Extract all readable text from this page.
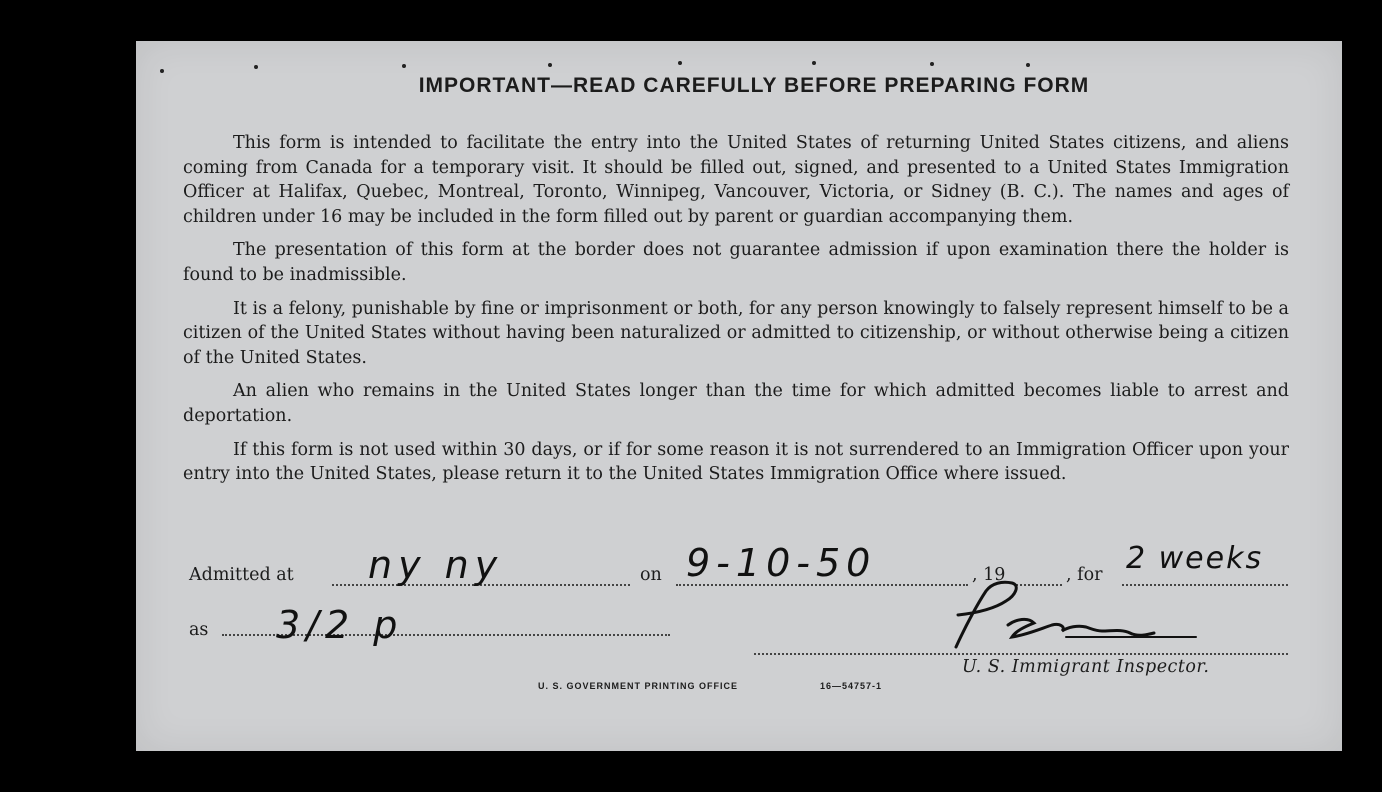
IMPORTANT—READ CAREFULLY BEFORE PREPARING FORM

This form is intended to facilitate the entry into the United States of returning United States citizens, and aliens coming from Canada for a temporary visit. It should be filled out, signed, and presented to a United States Immigration Officer at Halifax, Quebec, Montreal, Toronto, Winnipeg, Vancouver, Victoria, or Sidney (B. C.). The names and ages of children under 16 may be included in the form filled out by parent or guardian accompanying them.

The presentation of this form at the border does not guarantee admission if upon examination there the holder is found to be inadmissible.

It is a felony, punishable by fine or imprisonment or both, for any person knowingly to falsely represent himself to be a citizen of the United States without having been naturalized or admitted to citizenship, or without otherwise being a citizen of the United States.

An alien who remains in the United States longer than the time for which admitted becomes liable to arrest and deportation.

If this form is not used within 30 days, or if for some reason it is not surrendered to an Immigration Officer upon your entry into the United States, please return it to the United States Immigration Office where issued.

Admitted at ny ny	on 9-10-50	, 19	, for 2 weeks
as 3/2 p
U. S. Immigrant Inspector.
U. S. GOVERNMENT PRINTING OFFICE	16—54757-1
